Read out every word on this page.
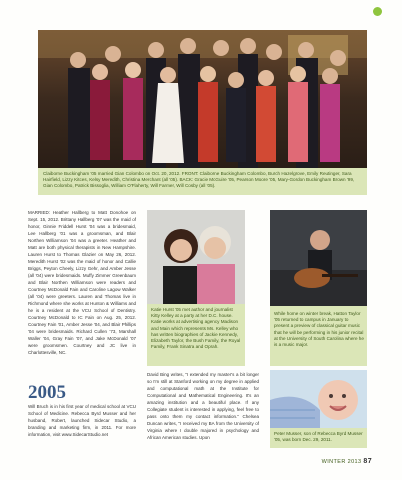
Claiborne Buckingham '05 married Gian Colombo on Oct. 20, 2012. FRONT: Claiborne Buckingham Colombo, Burch Hazelgrove, Emily Reutinger, Sara Hairfield, Lizzy Kitces, Kelsy Meredith, Christina Merchant (all '05). BACK: Gracie McGuire '05, Pearson Moore '05, Mary-Gordon Buckingham Brown '99, Gian Colombo, Patrick Bissoglia, William O'Flaherty, Will Farmer, Will Cosby (all '05).
MARRIED: Heather Hallberg to Matt Donohoe on Sept. 15, 2012. Brittany Hallberg '07 was the maid of honor, Ginnie Friddell Hurst '04 was a bridesmaid, Lee Hallberg '01 was a groomsman, and Blair Northen Williamson '04 was a greeter. Heather and Matt are both physical therapists in New Hampshire. Lauren Hurst to Thomas Glazier on May 26, 2012. Meredith Hurst '02 was the maid of honor and Callie Briggs, Peyton Cheely, Lizzy Gehr, and Amber Jesse (all '04) were bridesmaids. Muffy Zimmer Greenbaum and Blair Northen Williamson were readers and Courtney McDonald Fain and Caroline Lagow Walker (all '04) were greeters. Lauren and Thomas live in Richmond where she works at Hunton & Williams and he is a resident at the VCU School of Dentistry. Courtney McDonald to IC Fain on Aug. 25, 2012. Courtney Fain '01, Amber Jesse '04, and Blair Phillips '04 were bridesmaids. Richard Cullen '73, Marshall Waller '04, Gray Fain '07, and Jake McDonald '07 were groomsmen. Courtney and JC live in Charlottesville, NC.
2005
Will Bruch is in his first year of medical school at VCU School of Medicine. Rebecca Byrd Musser and her husband, Robert, launched Sidecar Studio, a branding and marketing firm, in 2011. For more information, visit www.SidecarStudio.net
Katie Hurst '05 met author and journalist Kitty Kelley at a party at her D.C. house. Katie works at advertising agency Madison and Main which represents Ms. Kelley who has written biographies of Jackie Kennedy, Elizabeth Taylor, the Bush Family, the Royal Family, Frank Sinatra and Oprah.
While home on winter break, Hatton Taylor '05 returned to campus in January to present a preview of classical guitar music that he will be performing in his junior recital at the University of South Carolina where he is a music major.
David Bing writes, "I extended my master's a bit longer so I'm still at Stanford working on my degree in applied and computational math at the Institute for Computational and Mathematical Engineering. It's an amazing institution and a beautiful place. If any Collegiate student is interested in applying, feel free to pass onto them my contact information." Chelsea Duncan writes, "I received my BA from the University of Virginia where I double majored in psychology and African American studies. Upon
Peter Musser, son of Rebecca Byrd Musser '05, was born Dec. 29, 2011.
WINTER 2013 87
